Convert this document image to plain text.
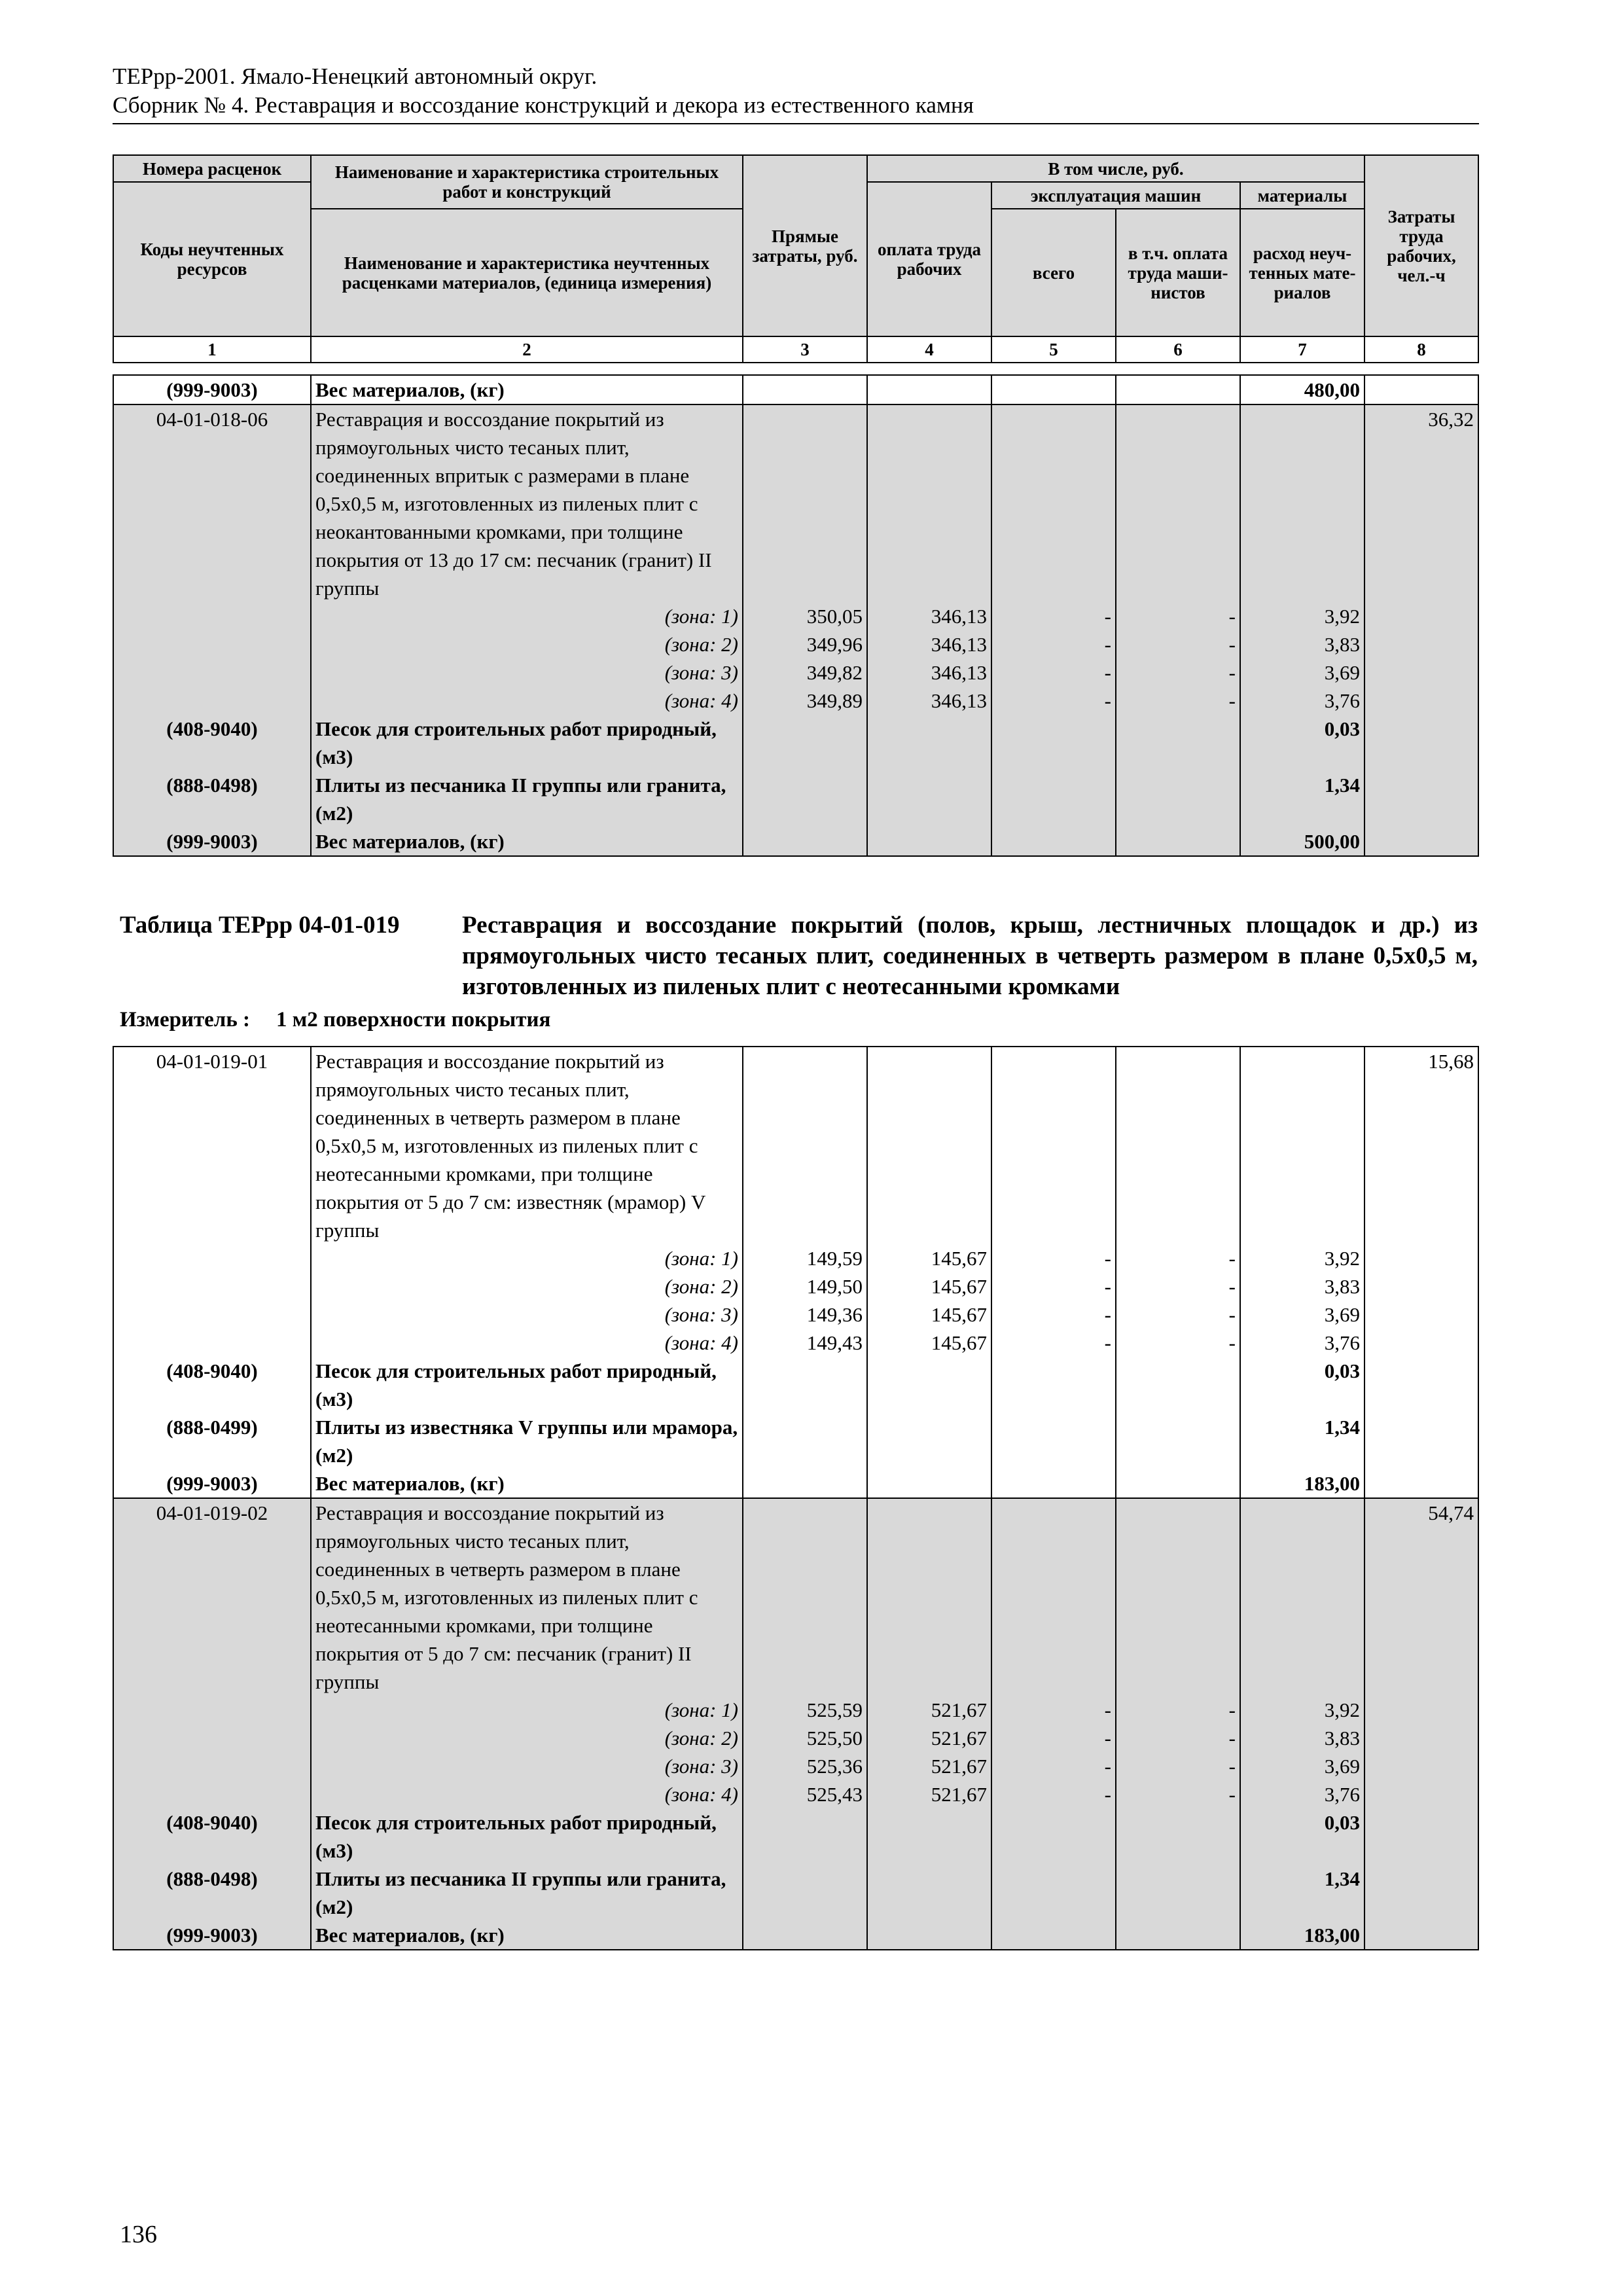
ТЕРрр-2001. Ямало-Ненецкий автономный округ.
Сборник № 4. Реставрация и воссоздание конструкций и декора из естественного камня
Номера расценок	Наименование и характеристика строительных работ и конструкций	Прямые затраты, руб.	В том числе, руб.				Затраты труда рабочих, чел.-ч
Коды неучтенных ресурсов			оплата труда рабочих	эксплуатация машин		материалы	
	Наименование и характеристика неучтенных расценками материалов, (единица измерения)			всего	в т.ч. оплата труда маши-нистов	расход неуч-тенных мате-риалов	
1	2	3	4	5	6	7	8
(999-9003)	Вес материалов, (кг)					480,00	
04-01-018-06	Реставрация и воссоздание покрытий из прямоугольных чисто тесаных плит, соединенных впритык с размерами в плане 0,5х0,5 м, изготовленных из пиленых плит с неокантованными кромками, при толщине покрытия от 13 до 17 см: песчаник (гранит) II группы						36,32
	(зона: 1)	350,05	346,13	-	-	3,92	
	(зона: 2)	349,96	346,13	-	-	3,83	
	(зона: 3)	349,82	346,13	-	-	3,69	
	(зона: 4)	349,89	346,13	-	-	3,76	
(408-9040)	Песок для строительных работ природный, (м3)					0,03	
(888-0498)	Плиты из песчаника II группы или гранита, (м2)					1,34	
(999-9003)	Вес материалов, (кг)					500,00	
Таблица ТЕРрр 04-01-019	Реставрация и воссоздание покрытий (полов, крыш, лестничных площадок и др.) из прямоугольных чисто тесаных плит, соединенных в четверть размером в плане 0,5х0,5 м, изготовленных из пиленых плит с неотесанными кромками
Измеритель : 1 м2 поверхности покрытия
04-01-019-01	Реставрация и воссоздание покрытий из прямоугольных чисто тесаных плит, соединенных в четверть размером в плане 0,5х0,5 м, изготовленных из пиленых плит с неотесанными кромками, при толщине покрытия от 5 до 7 см: известняк (мрамор) V группы						15,68
	(зона: 1)	149,59	145,67	-	-	3,92	
	(зона: 2)	149,50	145,67	-	-	3,83	
	(зона: 3)	149,36	145,67	-	-	3,69	
	(зона: 4)	149,43	145,67	-	-	3,76	
(408-9040)	Песок для строительных работ природный, (м3)					0,03	
(888-0499)	Плиты из известняка V группы или мрамора, (м2)					1,34	
(999-9003)	Вес материалов, (кг)					183,00	
04-01-019-02	Реставрация и воссоздание покрытий из прямоугольных чисто тесаных плит, соединенных в четверть размером в плане 0,5х0,5 м, изготовленных из пиленых плит с неотесанными кромками, при толщине покрытия от 5 до 7 см: песчаник (гранит) II группы						54,74
	(зона: 1)	525,59	521,67	-	-	3,92	
	(зона: 2)	525,50	521,67	-	-	3,83	
	(зона: 3)	525,36	521,67	-	-	3,69	
	(зона: 4)	525,43	521,67	-	-	3,76	
(408-9040)	Песок для строительных работ природный, (м3)					0,03	
(888-0498)	Плиты из песчаника II группы или гранита, (м2)					1,34	
(999-9003)	Вес материалов, (кг)					183,00	
136
